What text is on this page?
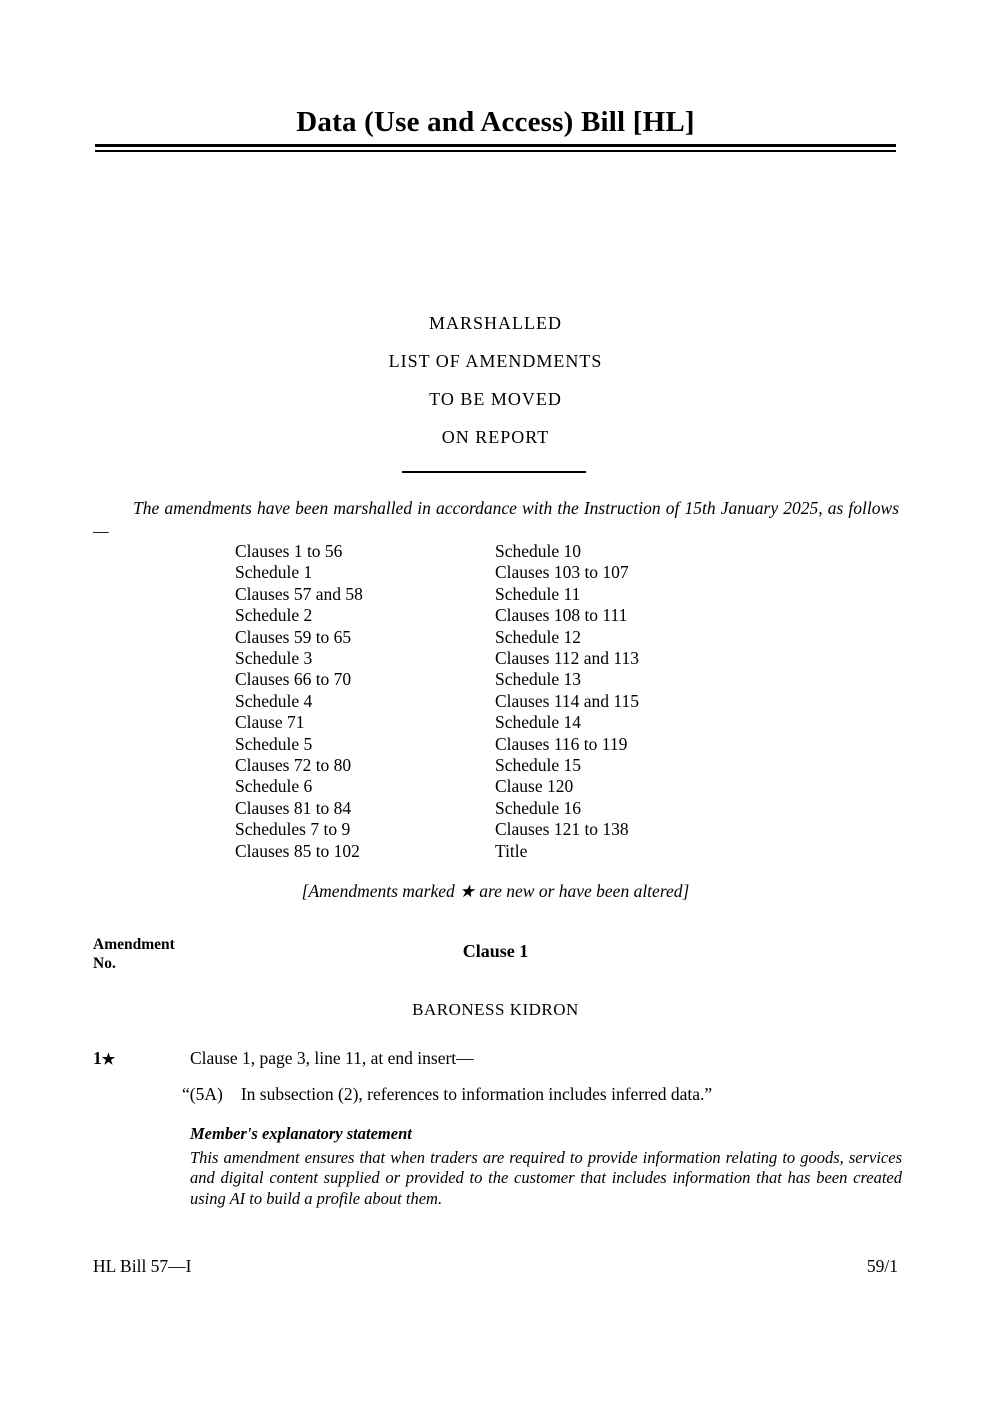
Data (Use and Access) Bill [HL]
MARSHALLED
LIST OF AMENDMENTS
TO BE MOVED
ON REPORT
The amendments have been marshalled in accordance with the Instruction of 15th January 2025, as follows—
Clauses 1 to 56
Schedule 1
Clauses 57 and 58
Schedule 2
Clauses 59 to 65
Schedule 3
Clauses 66 to 70
Schedule 4
Clause 71
Schedule 5
Clauses 72 to 80
Schedule 6
Clauses 81 to 84
Schedules 7 to 9
Clauses 85 to 102
Schedule 10
Clauses 103 to 107
Schedule 11
Clauses 108 to 111
Schedule 12
Clauses 112 and 113
Schedule 13
Clauses 114 and 115
Schedule 14
Clauses 116 to 119
Schedule 15
Clause 120
Schedule 16
Clauses 121 to 138
Title
[Amendments marked ★ are new or have been altered]
Amendment
No.
Clause 1
BARONESS KIDRON
1★	Clause 1, page 3, line 11, at end insert—
“(5A) In subsection (2), references to information includes inferred data.”
Member's explanatory statement
This amendment ensures that when traders are required to provide information relating to goods, services and digital content supplied or provided to the customer that includes information that has been created using AI to build a profile about them.
HL Bill 57—I	59/1
